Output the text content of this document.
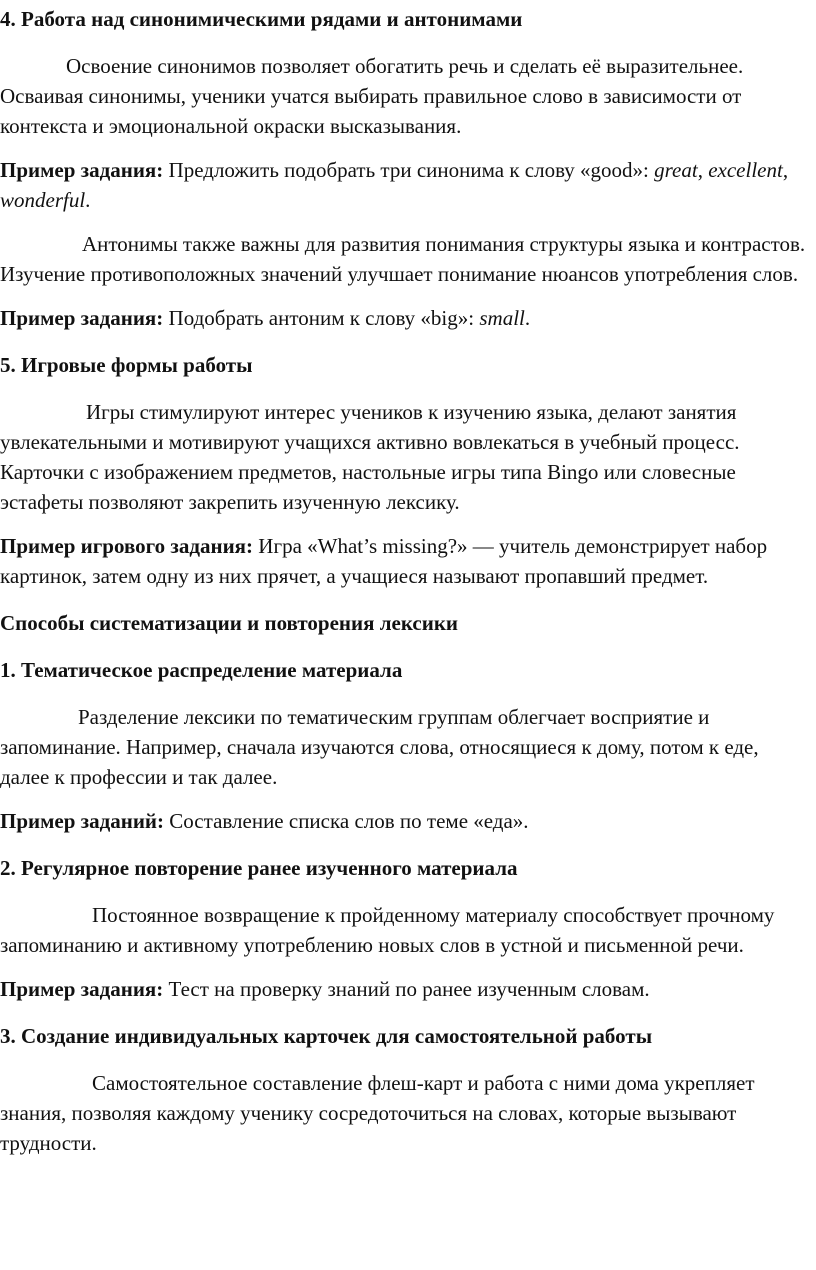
4. Работа над синонимическими рядами и антонимами
Освоение синонимов позволяет обогатить речь и сделать её выразительнее. Осваивая синонимы, ученики учатся выбирать правильное слово в зависимости от контекста и эмоциональной окраски высказывания.
Пример задания: Предложить подобрать три синонима к слову «good»: great, excellent, wonderful.
Антонимы также важны для развития понимания структуры языка и контрастов. Изучение противоположных значений улучшает понимание нюансов употребления слов.
Пример задания: Подобрать антоним к слову «big»: small.
5. Игровые формы работы
Игры стимулируют интерес учеников к изучению языка, делают занятия увлекательными и мотивируют учащихся активно вовлекаться в учебный процесс. Карточки с изображением предметов, настольные игры типа Bingo или словесные эстафеты позволяют закрепить изученную лексику.
Пример игрового задания: Игра «What’s missing?» — учитель демонстрирует набор картинок, затем одну из них прячет, а учащиеся называют пропавший предмет.
Способы систематизации и повторения лексики
1. Тематическое распределение материала
Разделение лексики по тематическим группам облегчает восприятие и запоминание. Например, сначала изучаются слова, относящиеся к дому, потом к еде, далее к профессии и так далее.
Пример заданий: Составление списка слов по теме «еда».
2. Регулярное повторение ранее изученного материала
Постоянное возвращение к пройденному материалу способствует прочному запоминанию и активному употреблению новых слов в устной и письменной речи.
Пример задания: Тест на проверку знаний по ранее изученным словам.
3. Создание индивидуальных карточек для самостоятельной работы
Самостоятельное составление флеш-карт и работа с ними дома укрепляет знания, позволяя каждому ученику сосредоточиться на словах, которые вызывают трудности.
